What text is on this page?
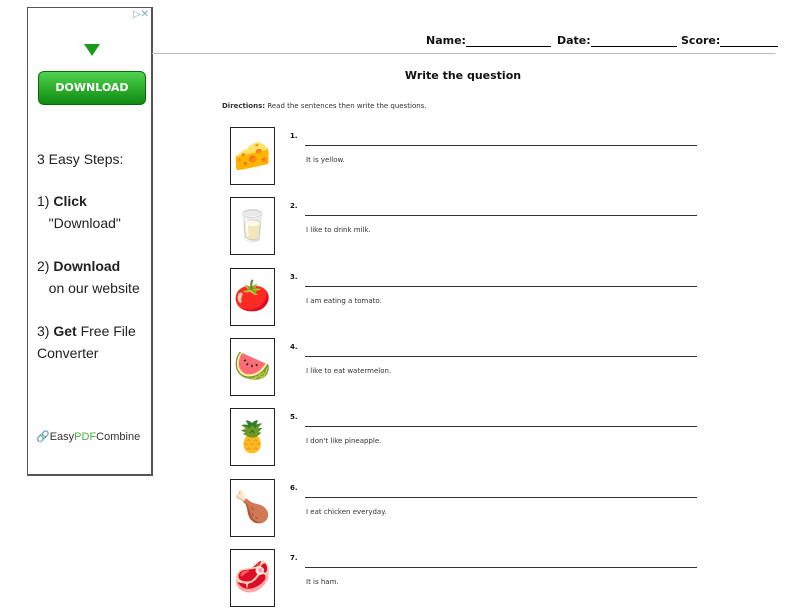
▷✕
DOWNLOAD
3 Easy Steps:
1) Click
"Download"
2) Download
on our website
3) Get Free File Converter
🔗EasyPDFCombine
Name:	Date:	Score:
Write the question
Directions: Read the sentences then write the questions.
🧀
1.
It is yellow.
🥛
2.
I like to drink milk.
🍅
3.
I am eating a tomato.
🍉
4.
I like to eat watermelon.
🍍
5.
I don't like pineapple.
🍗
6.
I eat chicken everyday.
🥩
7.
It is ham.
